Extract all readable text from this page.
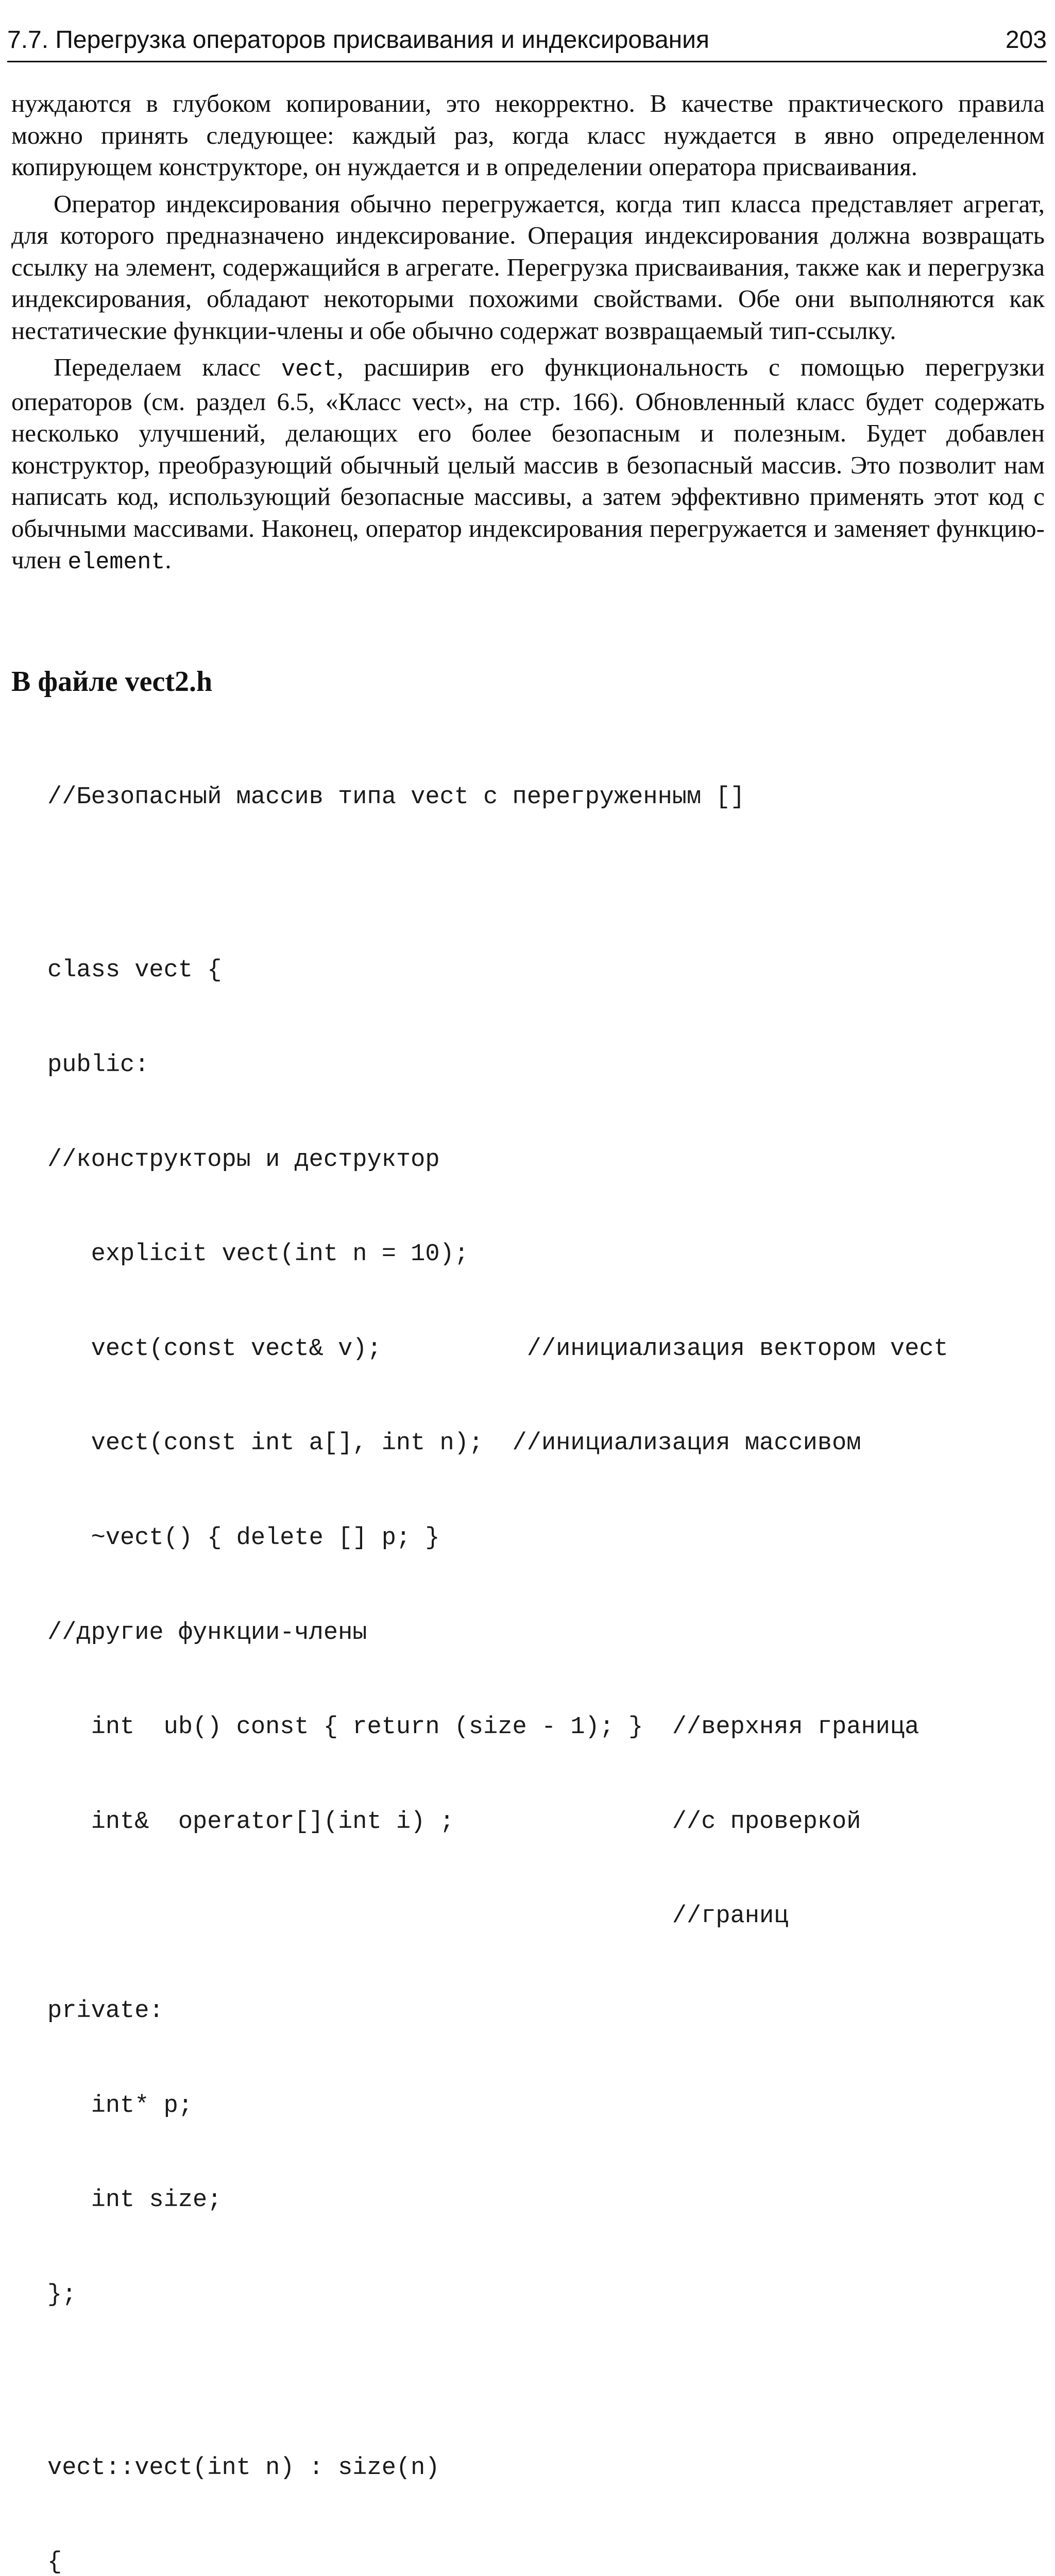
7.7. Перегрузка операторов присваивания и индексирования	203

нуждаются в глубоком копировании, это некорректно. В качестве практического правила можно принять следующее: каждый раз, когда класс нуждается в явно определенном копирующем конструкторе, он нуждается и в определении оператора присваивания.

Оператор индексирования обычно перегружается, когда тип класса представляет агрегат, для которого предназначено индексирование. Операция индексирования должна возвращать ссылку на элемент, содержащийся в агрегате. Перегрузка присваивания, также как и перегрузка индексирования, обладают некоторыми похожими свойствами. Обе они выполняются как нестатические функции-члены и обе обычно содержат возвращаемый тип-ссылку.

Переделаем класс vect, расширив его функциональность с помощью перегрузки операторов (см. раздел 6.5, «Класс vect», на стр. 166). Обновленный класс будет содержать несколько улучшений, делающих его более безопасным и полезным. Будет добавлен конструктор, преобразующий обычный целый массив в безопасный массив. Это позволит нам написать код, использующий безопасные массивы, а затем эффективно применять этот код с обычными массивами. Наконец, оператор индексирования перегружается и заменяет функцию-член element.

В файле vect2.h

//Безопасный массив типа vect с перегруженным []

class vect {

public:

//конструкторы и деструктор

explicit vect(int n = 10);

vect(const vect& v);          //инициализация вектором vect

vect(const int a[], int n);  //инициализация массивом

~vect() { delete [] p; }

//другие функции-члены

int  ub() const { return (size - 1); }  //верхняя граница

int&  operator[](int i) ;               //с проверкой

//границ

private:

int* p;

int size;

};

vect::vect(int n) : size(n)

{
